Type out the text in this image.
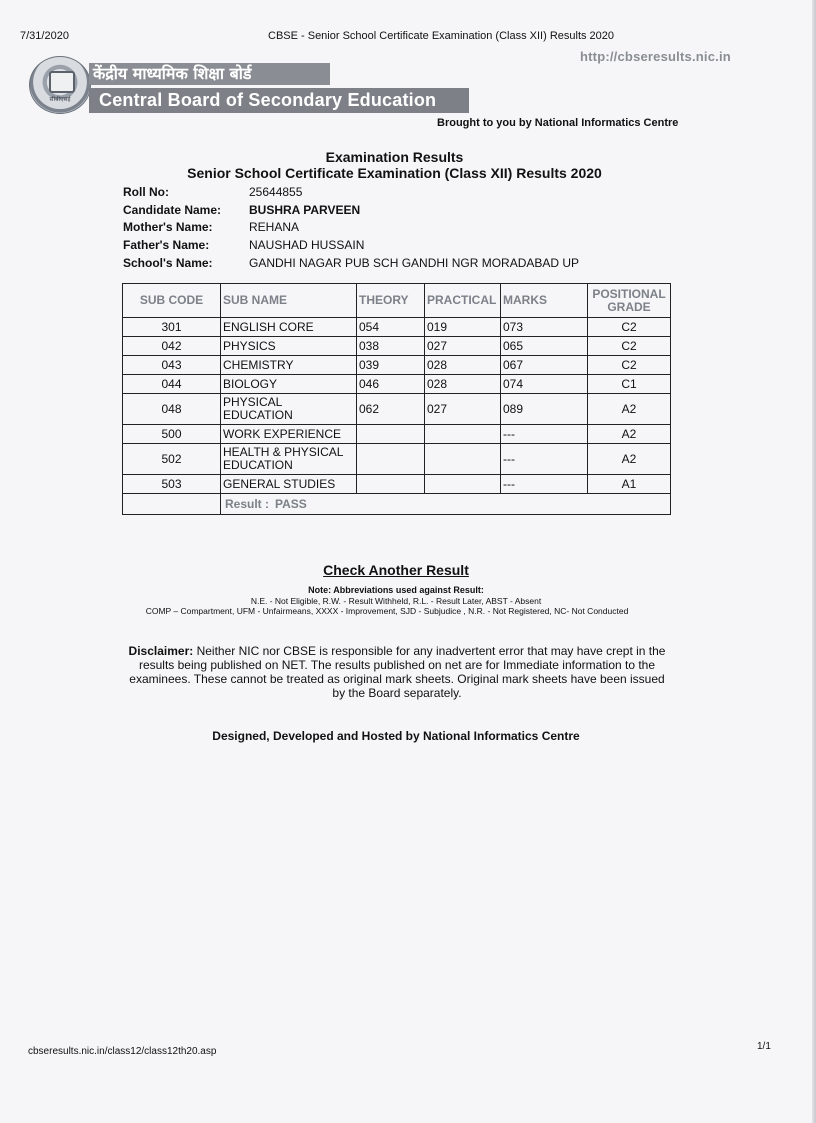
7/31/2020	CBSE - Senior School Certificate Examination (Class XII) Results 2020
http://cbseresults.nic.in
सीबीएसई
केंद्रीय माध्यमिक शिक्षा बोर्ड
Central Board of Secondary Education
Brought to you by National Informatics Centre
Examination Results
Senior School Certificate Examination (Class XII) Results 2020
Roll No:	25644855
Candidate Name: BUSHRA PARVEEN
Mother's Name:	REHANA
Father's Name:	NAUSHAD HUSSAIN
School's Name:	GANDHI NAGAR PUB SCH GANDHI NGR MORADABAD UP
SUB CODE	SUB NAME	THEORY	PRACTICAL	MARKS	POSITIONAL GRADE
301	ENGLISH CORE	054	019	073	C2
042	PHYSICS	038	027	065	C2
043	CHEMISTRY	039	028	067	C2
044	BIOLOGY	046	028	074	C1
048	PHYSICAL EDUCATION	062	027	089	A2
500	WORK EXPERIENCE			---	A2
502	HEALTH & PHYSICAL EDUCATION			---	A2
503	GENERAL STUDIES			---	A1
	Result : PASS				
Check Another Result
Note: Abbreviations used against Result:
N.E. - Not Eligible, R.W. - Result Withheld, R.L. - Result Later, ABST - Absent
COMP – Compartment, UFM - Unfairmeans, XXXX - Improvement, SJD - Subjudice , N.R. - Not Registered, NC- Not Conducted
Disclaimer: Neither NIC nor CBSE is responsible for any inadvertent error that may have crept in the results being published on NET. The results published on net are for Immediate information to the examinees. These cannot be treated as original mark sheets. Original mark sheets have been issued by the Board separately.
Designed, Developed and Hosted by National Informatics Centre
cbseresults.nic.in/class12/class12th20.asp	1/1
